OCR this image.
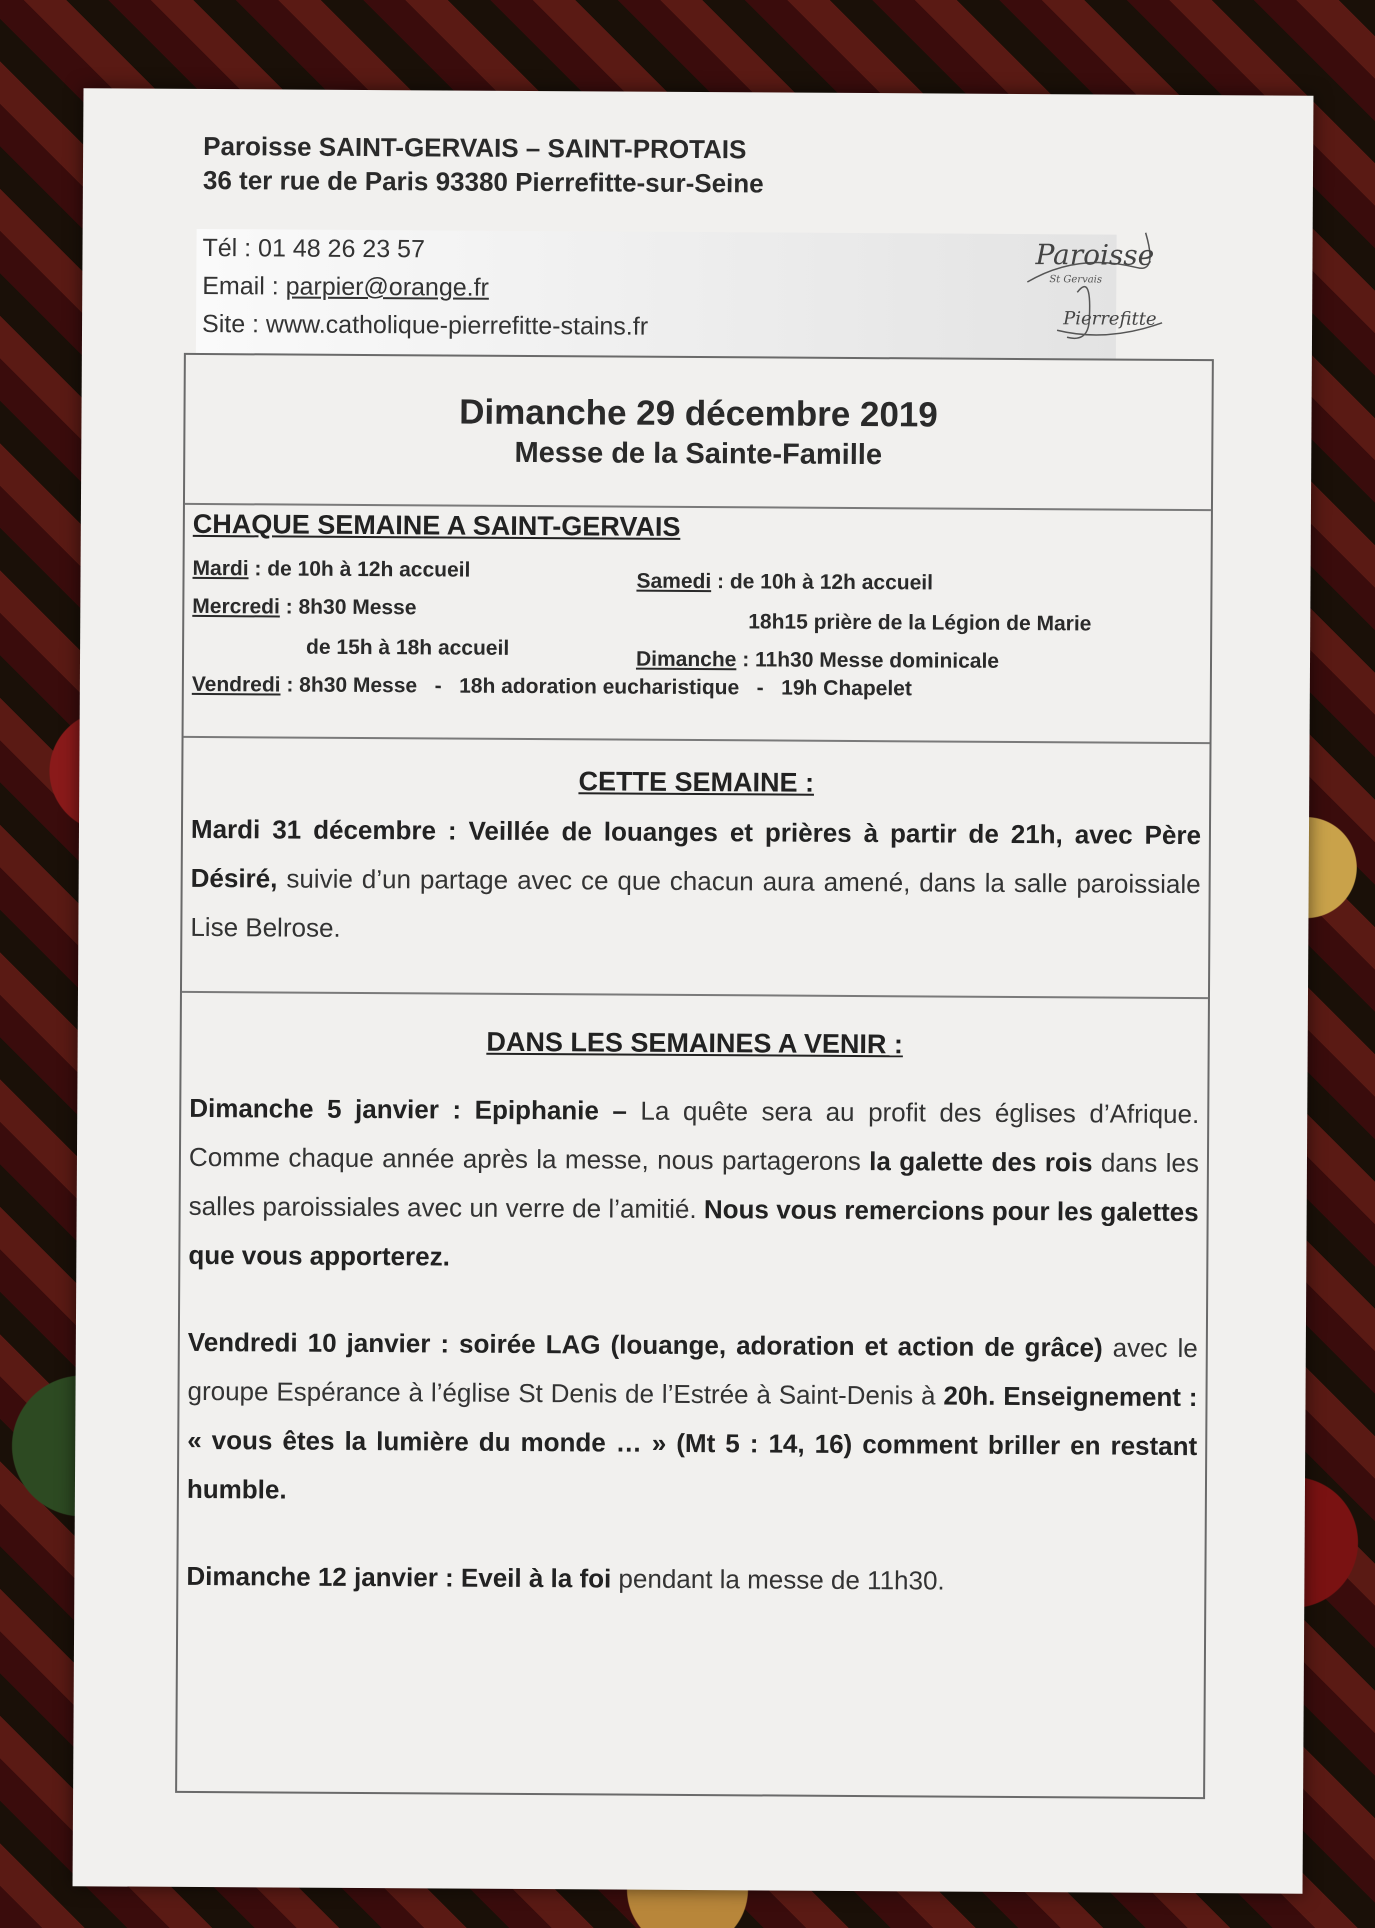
Paroisse SAINT-GERVAIS – SAINT-PROTAIS

36 ter rue de Paris 93380 Pierrefitte-sur-Seine

Tél : 01 48 26 23 57

Email : parpier@orange.fr

Site : www.catholique-pierrefitte-stains.fr

Paroisse
St Gervais
Pierrefitte

Dimanche 29 décembre 2019

Messe de la Sainte-Famille

CHAQUE SEMAINE A SAINT-GERVAIS

Mardi : de 10h à 12h accueil
Mercredi : 8h30 Messe
de 15h à 18h accueil
Vendredi : 8h30 Messe   -   18h adoration eucharistique   -   19h Chapelet
Samedi : de 10h à 12h accueil
18h15 prière de la Légion de Marie
Dimanche : 11h30 Messe dominicale

CETTE SEMAINE :

Mardi 31 décembre : Veillée de louanges et prières à partir de 21h, avec Père Désiré, suivie d’un partage avec ce que chacun aura amené, dans la salle paroissiale Lise Belrose.

DANS LES SEMAINES A VENIR :

Dimanche 5 janvier : Epiphanie – La quête sera au profit des églises d’Afrique. Comme chaque année après la messe, nous partagerons la galette des rois dans les salles paroissiales avec un verre de l’amitié. Nous vous remercions pour les galettes que vous apporterez.

Vendredi 10 janvier : soirée LAG (louange, adoration et action de grâce) avec le groupe Espérance à l’église St Denis de l’Estrée à Saint-Denis à 20h. Enseignement : « vous êtes la lumière du monde … » (Mt 5 : 14, 16) comment briller en restant humble.

Dimanche 12 janvier : Eveil à la foi pendant la messe de 11h30.
